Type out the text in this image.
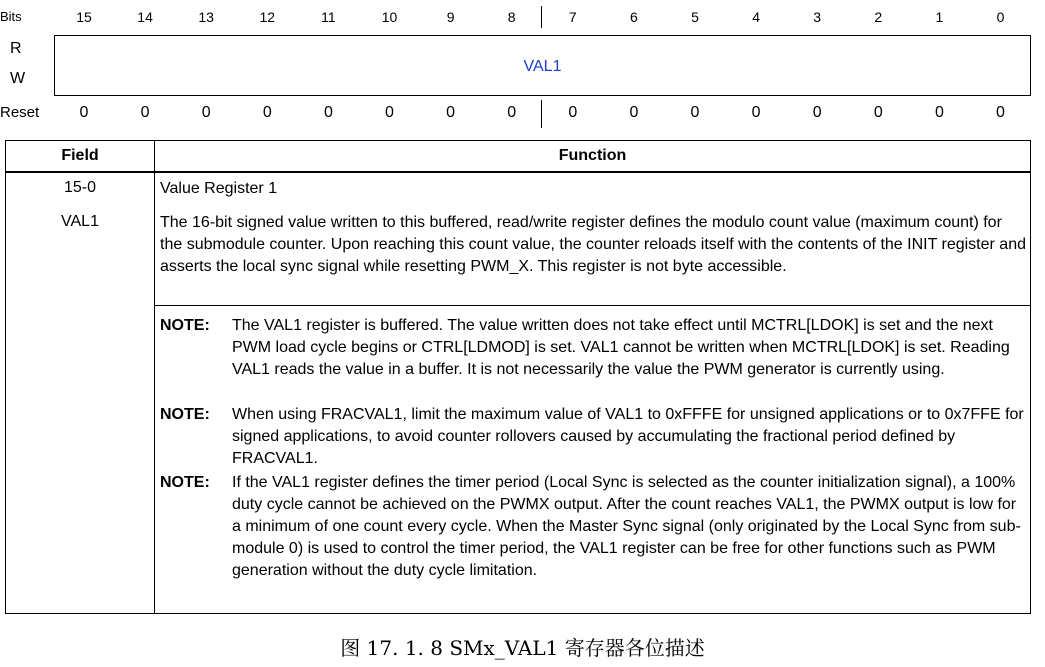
Bits	15	14	13	12	11	10	9	8	7	6	5	4	3	2	1	0
R
W
VAL1
Reset	0	0	0	0	0	0	0	0	0	0	0	0	0	0	0	0
Field	Function
15-0
VAL1
Value Register 1
The 16-bit signed value written to this buffered, read/write register defines the modulo count value (maximum count) for the submodule counter. Upon reaching this count value, the counter reloads itself with the contents of the INIT register and asserts the local sync signal while resetting PWM_X. This register is not byte accessible.
NOTE: The VAL1 register is buffered. The value written does not take effect until MCTRL[LDOK] is set and the next PWM load cycle begins or CTRL[LDMOD] is set. VAL1 cannot be written when MCTRL[LDOK] is set. Reading VAL1 reads the value in a buffer. It is not necessarily the value the PWM generator is currently using.
NOTE: When using FRACVAL1, limit the maximum value of VAL1 to 0xFFFE for unsigned applications or to 0x7FFE for signed applications, to avoid counter rollovers caused by accumulating the fractional period defined by FRACVAL1.
NOTE: If the VAL1 register defines the timer period (Local Sync is selected as the counter initialization signal), a 100% duty cycle cannot be achieved on the PWMX output. After the count reaches VAL1, the PWMX output is low for a minimum of one count every cycle. When the Master Sync signal (only originated by the Local Sync from sub-module 0) is used to control the timer period, the VAL1 register can be free for other functions such as PWM generation without the duty cycle limitation.
图 17. 1. 8 SMx_VAL1 寄存器各位描述
